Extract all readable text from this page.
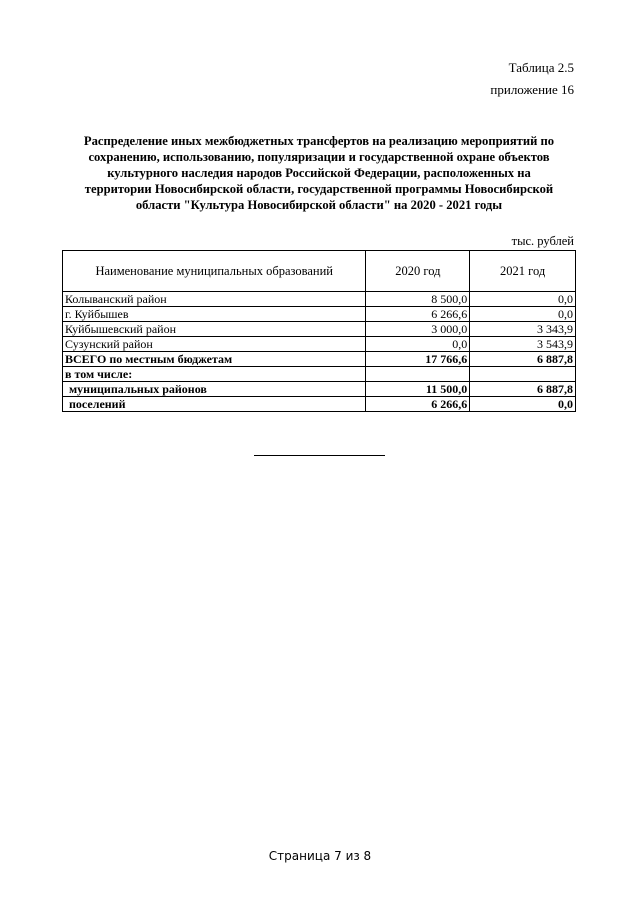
Таблица 2.5
приложение 16
Распределение иных межбюджетных трансфертов на реализацию мероприятий по
сохранению, использованию, популяризации и государственной охране объектов
культурного наследия народов Российской Федерации, расположенных на
территории Новосибирской области, государственной программы Новосибирской
области "Культура Новосибирской области" на 2020 - 2021 годы
тыс. рублей
Наименование муниципальных образований	2020 год	2021 год
Колыванский район	8 500,0	0,0
г. Куйбышев	6 266,6	0,0
Куйбышевский район	3 000,0	3 343,9
Сузунский район	0,0	3 543,9
ВСЕГО по местным бюджетам	17 766,6	6 887,8
в том числе:		
муниципальных районов	11 500,0	6 887,8
поселений	6 266,6	0,0
Страница 7 из 8
